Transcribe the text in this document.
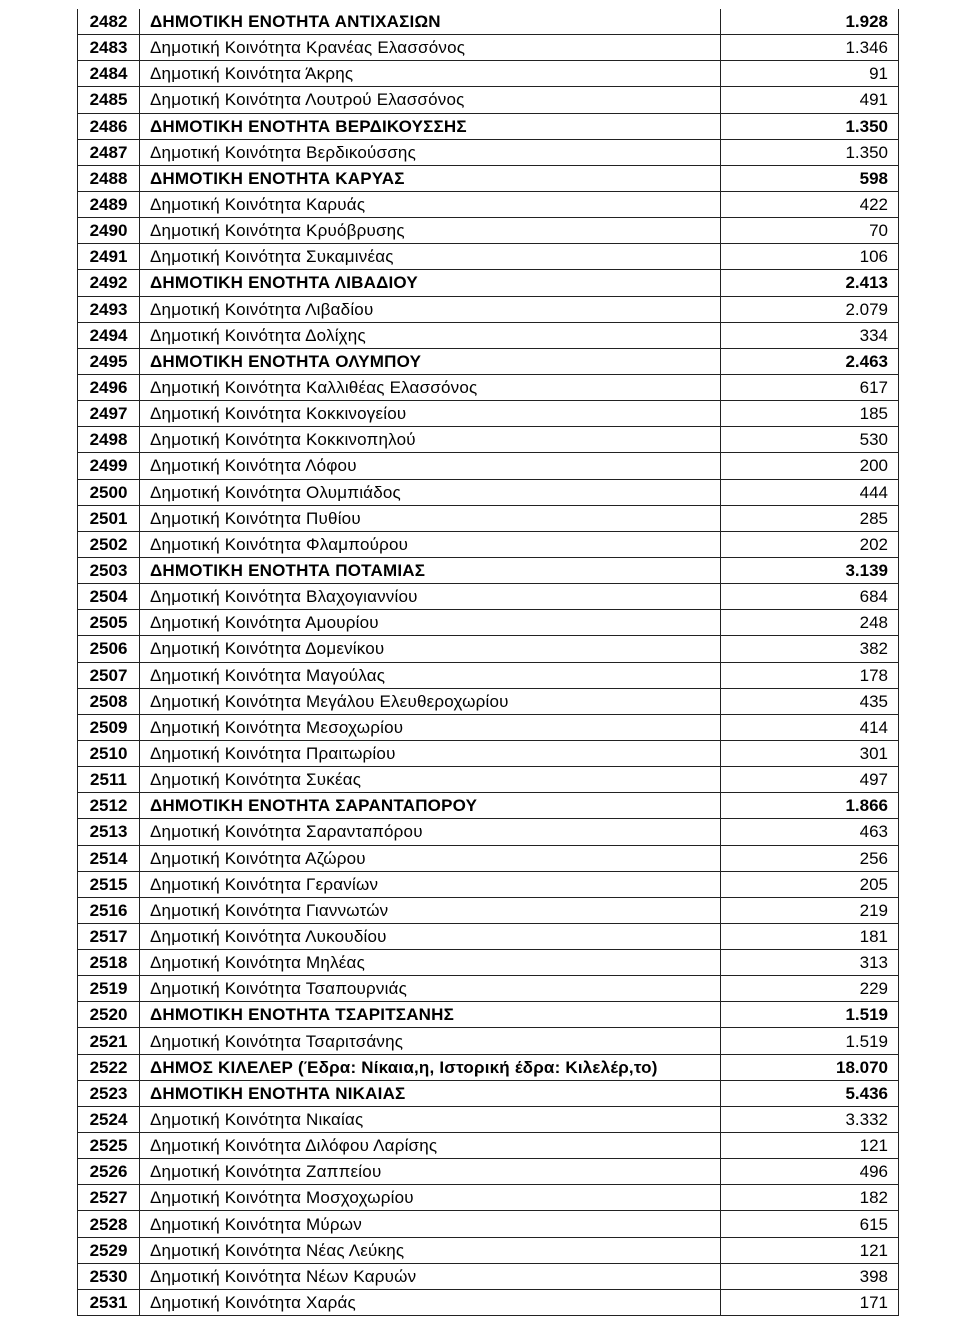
2482	ΔΗΜΟΤΙΚΗ ΕΝΟΤΗΤΑ ΑΝΤΙΧΑΣΙΩΝ	1.928
2483	Δημοτική Κοινότητα Κρανέας Ελασσόνος	1.346
2484	Δημοτική Κοινότητα Άκρης	91
2485	Δημοτική Κοινότητα Λουτρού Ελασσόνος	491
2486	ΔΗΜΟΤΙΚΗ ΕΝΟΤΗΤΑ ΒΕΡΔΙΚΟΥΣΣΗΣ	1.350
2487	Δημοτική Κοινότητα Βερδικούσσης	1.350
2488	ΔΗΜΟΤΙΚΗ ΕΝΟΤΗΤΑ ΚΑΡΥΑΣ	598
2489	Δημοτική Κοινότητα Καρυάς	422
2490	Δημοτική Κοινότητα Κρυόβρυσης	70
2491	Δημοτική Κοινότητα Συκαμινέας	106
2492	ΔΗΜΟΤΙΚΗ ΕΝΟΤΗΤΑ ΛΙΒΑΔΙΟΥ	2.413
2493	Δημοτική Κοινότητα Λιβαδίου	2.079
2494	Δημοτική Κοινότητα Δολίχης	334
2495	ΔΗΜΟΤΙΚΗ ΕΝΟΤΗΤΑ ΟΛΥΜΠΟΥ	2.463
2496	Δημοτική Κοινότητα Καλλιθέας Ελασσόνος	617
2497	Δημοτική Κοινότητα Κοκκινογείου	185
2498	Δημοτική Κοινότητα Κοκκινοπηλού	530
2499	Δημοτική Κοινότητα Λόφου	200
2500	Δημοτική Κοινότητα Ολυμπιάδος	444
2501	Δημοτική Κοινότητα Πυθίου	285
2502	Δημοτική Κοινότητα Φλαμπούρου	202
2503	ΔΗΜΟΤΙΚΗ ΕΝΟΤΗΤΑ ΠΟΤΑΜΙΑΣ	3.139
2504	Δημοτική Κοινότητα Βλαχογιαννίου	684
2505	Δημοτική Κοινότητα Αμουρίου	248
2506	Δημοτική Κοινότητα Δομενίκου	382
2507	Δημοτική Κοινότητα Μαγούλας	178
2508	Δημοτική Κοινότητα Μεγάλου Ελευθεροχωρίου	435
2509	Δημοτική Κοινότητα Μεσοχωρίου	414
2510	Δημοτική Κοινότητα Πραιτωρίου	301
2511	Δημοτική Κοινότητα Συκέας	497
2512	ΔΗΜΟΤΙΚΗ ΕΝΟΤΗΤΑ ΣΑΡΑΝΤΑΠΟΡΟΥ	1.866
2513	Δημοτική Κοινότητα Σαρανταπόρου	463
2514	Δημοτική Κοινότητα Αζώρου	256
2515	Δημοτική Κοινότητα Γερανίων	205
2516	Δημοτική Κοινότητα Γιαννωτών	219
2517	Δημοτική Κοινότητα Λυκουδίου	181
2518	Δημοτική Κοινότητα Μηλέας	313
2519	Δημοτική Κοινότητα Τσαπουρνιάς	229
2520	ΔΗΜΟΤΙΚΗ ΕΝΟΤΗΤΑ ΤΣΑΡΙΤΣΑΝΗΣ	1.519
2521	Δημοτική Κοινότητα Τσαριτσάνης	1.519
2522	ΔΗΜΟΣ ΚΙΛΕΛΕΡ (Έδρα: Νίκαια,η, Ιστορική έδρα: Κιλελέρ,το)	18.070
2523	ΔΗΜΟΤΙΚΗ ΕΝΟΤΗΤΑ ΝΙΚΑΙΑΣ	5.436
2524	Δημοτική Κοινότητα Νικαίας	3.332
2525	Δημοτική Κοινότητα Διλόφου Λαρίσης	121
2526	Δημοτική Κοινότητα Ζαππείου	496
2527	Δημοτική Κοινότητα Μοσχοχωρίου	182
2528	Δημοτική Κοινότητα Μύρων	615
2529	Δημοτική Κοινότητα Νέας Λεύκης	121
2530	Δημοτική Κοινότητα Νέων Καρυών	398
2531	Δημοτική Κοινότητα Χαράς	171
